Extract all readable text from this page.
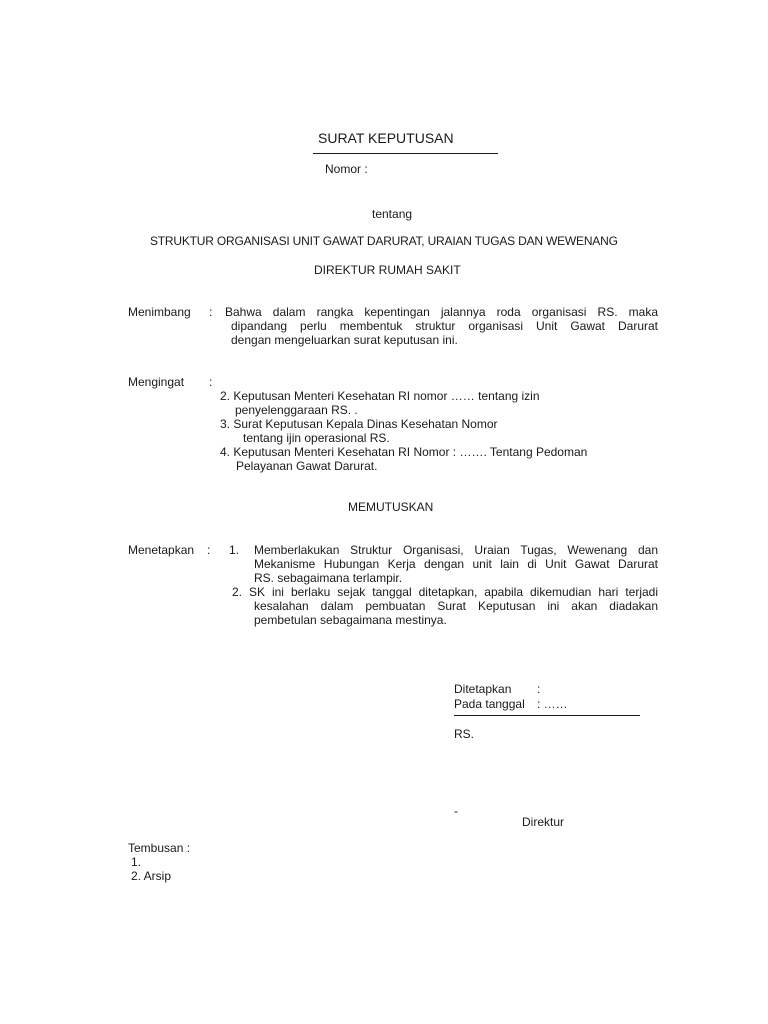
SURAT KEPUTUSAN
Nomor :
tentang
STRUKTUR ORGANISASI UNIT GAWAT DARURAT, URAIAN TUGAS DAN WEWENANG
DIREKTUR RUMAH SAKIT
Menimbang : Bahwa dalam rangka kepentingan jalannya roda organisasi RS. maka
dipandang perlu membentuk struktur organisasi Unit Gawat Darurat
dengan mengeluarkan surat keputusan ini.
Mengingat :
2. Keputusan Menteri Kesehatan RI nomor …… tentang izin
penyelenggaraan RS. .
3. Surat Keputusan Kepala Dinas Kesehatan Nomor
tentang ijin operasional RS.
4. Keputusan Menteri Kesehatan RI Nomor : ……. Tentang Pedoman
Pelayanan Gawat Darurat.
MEMUTUSKAN
Menetapkan : 1. Memberlakukan Struktur Organisasi, Uraian Tugas, Wewenang dan
Mekanisme Hubungan Kerja dengan unit lain di Unit Gawat Darurat
RS. sebagaimana terlampir.
2. SK ini berlaku sejak tanggal ditetapkan, apabila dikemudian hari terjadi
kesalahan dalam pembuatan Surat Keputusan ini akan diadakan
pembetulan sebagaimana mestinya.
Ditetapkan :
Pada tanggal : ……
RS.
-
Direktur
Tembusan :
1.
2. Arsip
